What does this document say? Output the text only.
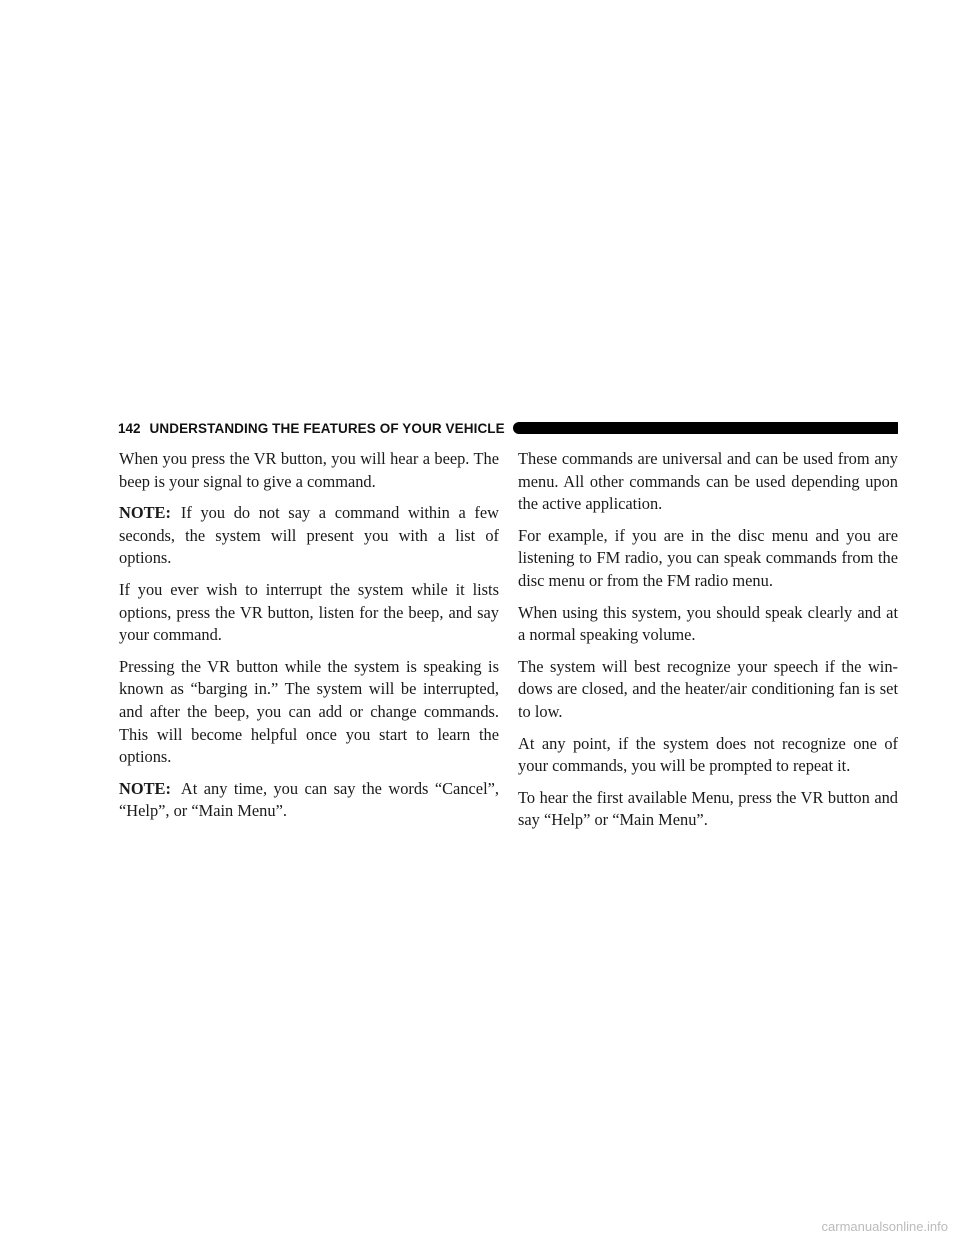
142 UNDERSTANDING THE FEATURES OF YOUR VEHICLE

When you press the VR button, you will hear a beep. The beep is your signal to give a command.

NOTE: If you do not say a command within a few seconds, the system will present you with a list of options.

If you ever wish to interrupt the system while it lists options, press the VR button, listen for the beep, and say your command.

Pressing the VR button while the system is speaking is known as “barging in.” The system will be interrupted, and after the beep, you can add or change commands. This will become helpful once you start to learn the options.

NOTE: At any time, you can say the words “Cancel”, “Help”, or “Main Menu”.

These commands are universal and can be used from any menu. All other commands can be used depending upon the active application.

For example, if you are in the disc menu and you are listening to FM radio, you can speak commands from the disc menu or from the FM radio menu.

When using this system, you should speak clearly and at a normal speaking volume.

The system will best recognize your speech if the win-dows are closed, and the heater/air conditioning fan is set to low.

At any point, if the system does not recognize one of your commands, you will be prompted to repeat it.

To hear the first available Menu, press the VR button and say “Help” or “Main Menu”.

carmanualsonline.info
